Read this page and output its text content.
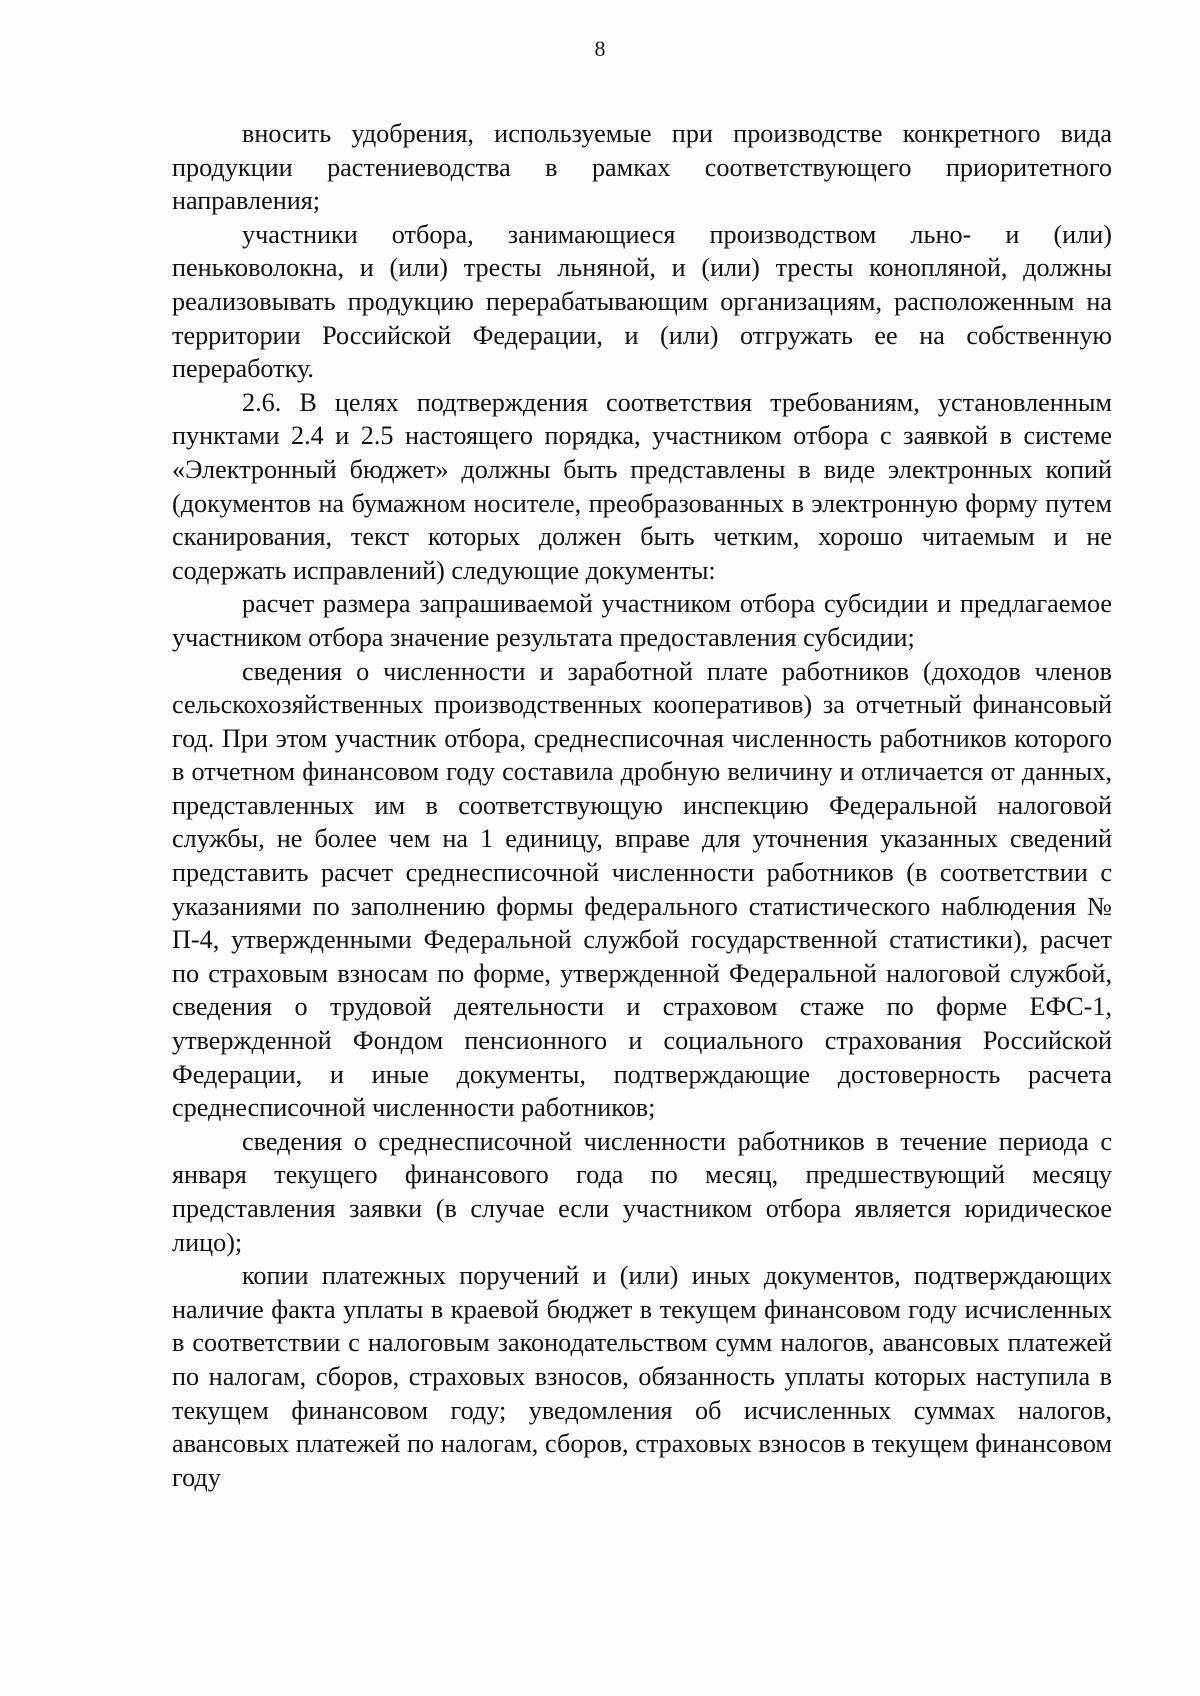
8

вносить удобрения, используемые при производстве конкретного вида продукции растениеводства в рамках соответствующего приоритетного направления;

участники отбора, занимающиеся производством льно- и (или) пеньковолокна, и (или) тресты льняной, и (или) тресты конопляной, должны реализовывать продукцию перерабатывающим организациям, расположенным на территории Российской Федерации, и (или) отгружать ее на собственную переработку.

2.6. В целях подтверждения соответствия требованиям, установленным пунктами 2.4 и 2.5 настоящего порядка, участником отбора с заявкой в системе «Электронный бюджет» должны быть представлены в виде электронных копий (документов на бумажном носителе, преобразованных в электронную форму путем сканирования, текст которых должен быть четким, хорошо читаемым и не содержать исправлений) следующие документы:

расчет размера запрашиваемой участником отбора субсидии и предлагаемое участником отбора значение результата предоставления субсидии;

сведения о численности и заработной плате работников (доходов членов сельскохозяйственных производственных кооперативов) за отчетный финансовый год. При этом участник отбора, среднесписочная численность работников которого в отчетном финансовом году составила дробную величину и отличается от данных, представленных им в соответствующую инспекцию Федеральной налоговой службы, не более чем на 1 единицу, вправе для уточнения указанных сведений представить расчет среднесписочной численности работников (в соответствии с указаниями по заполнению формы федерального статистического наблюдения № П-4, утвержденными Федеральной службой государственной статистики), расчет по страховым взносам по форме, утвержденной Федеральной налоговой службой, сведения о трудовой деятельности и страховом стаже по форме ЕФС-1, утвержденной Фондом пенсионного и социального страхования Российской Федерации, и иные документы, подтверждающие достоверность расчета среднесписочной численности работников;

сведения о среднесписочной численности работников в течение периода с января текущего финансового года по месяц, предшествующий месяцу представления заявки (в случае если участником отбора является юридическое лицо);

копии платежных поручений и (или) иных документов, подтверждающих наличие факта уплаты в краевой бюджет в текущем финансовом году исчисленных в соответствии с налоговым законодательством сумм налогов, авансовых платежей по налогам, сборов, страховых взносов, обязанность уплаты которых наступила в текущем финансовом году; уведомления об исчисленных суммах налогов, авансовых платежей по налогам, сборов, страховых взносов в текущем финансовом году
